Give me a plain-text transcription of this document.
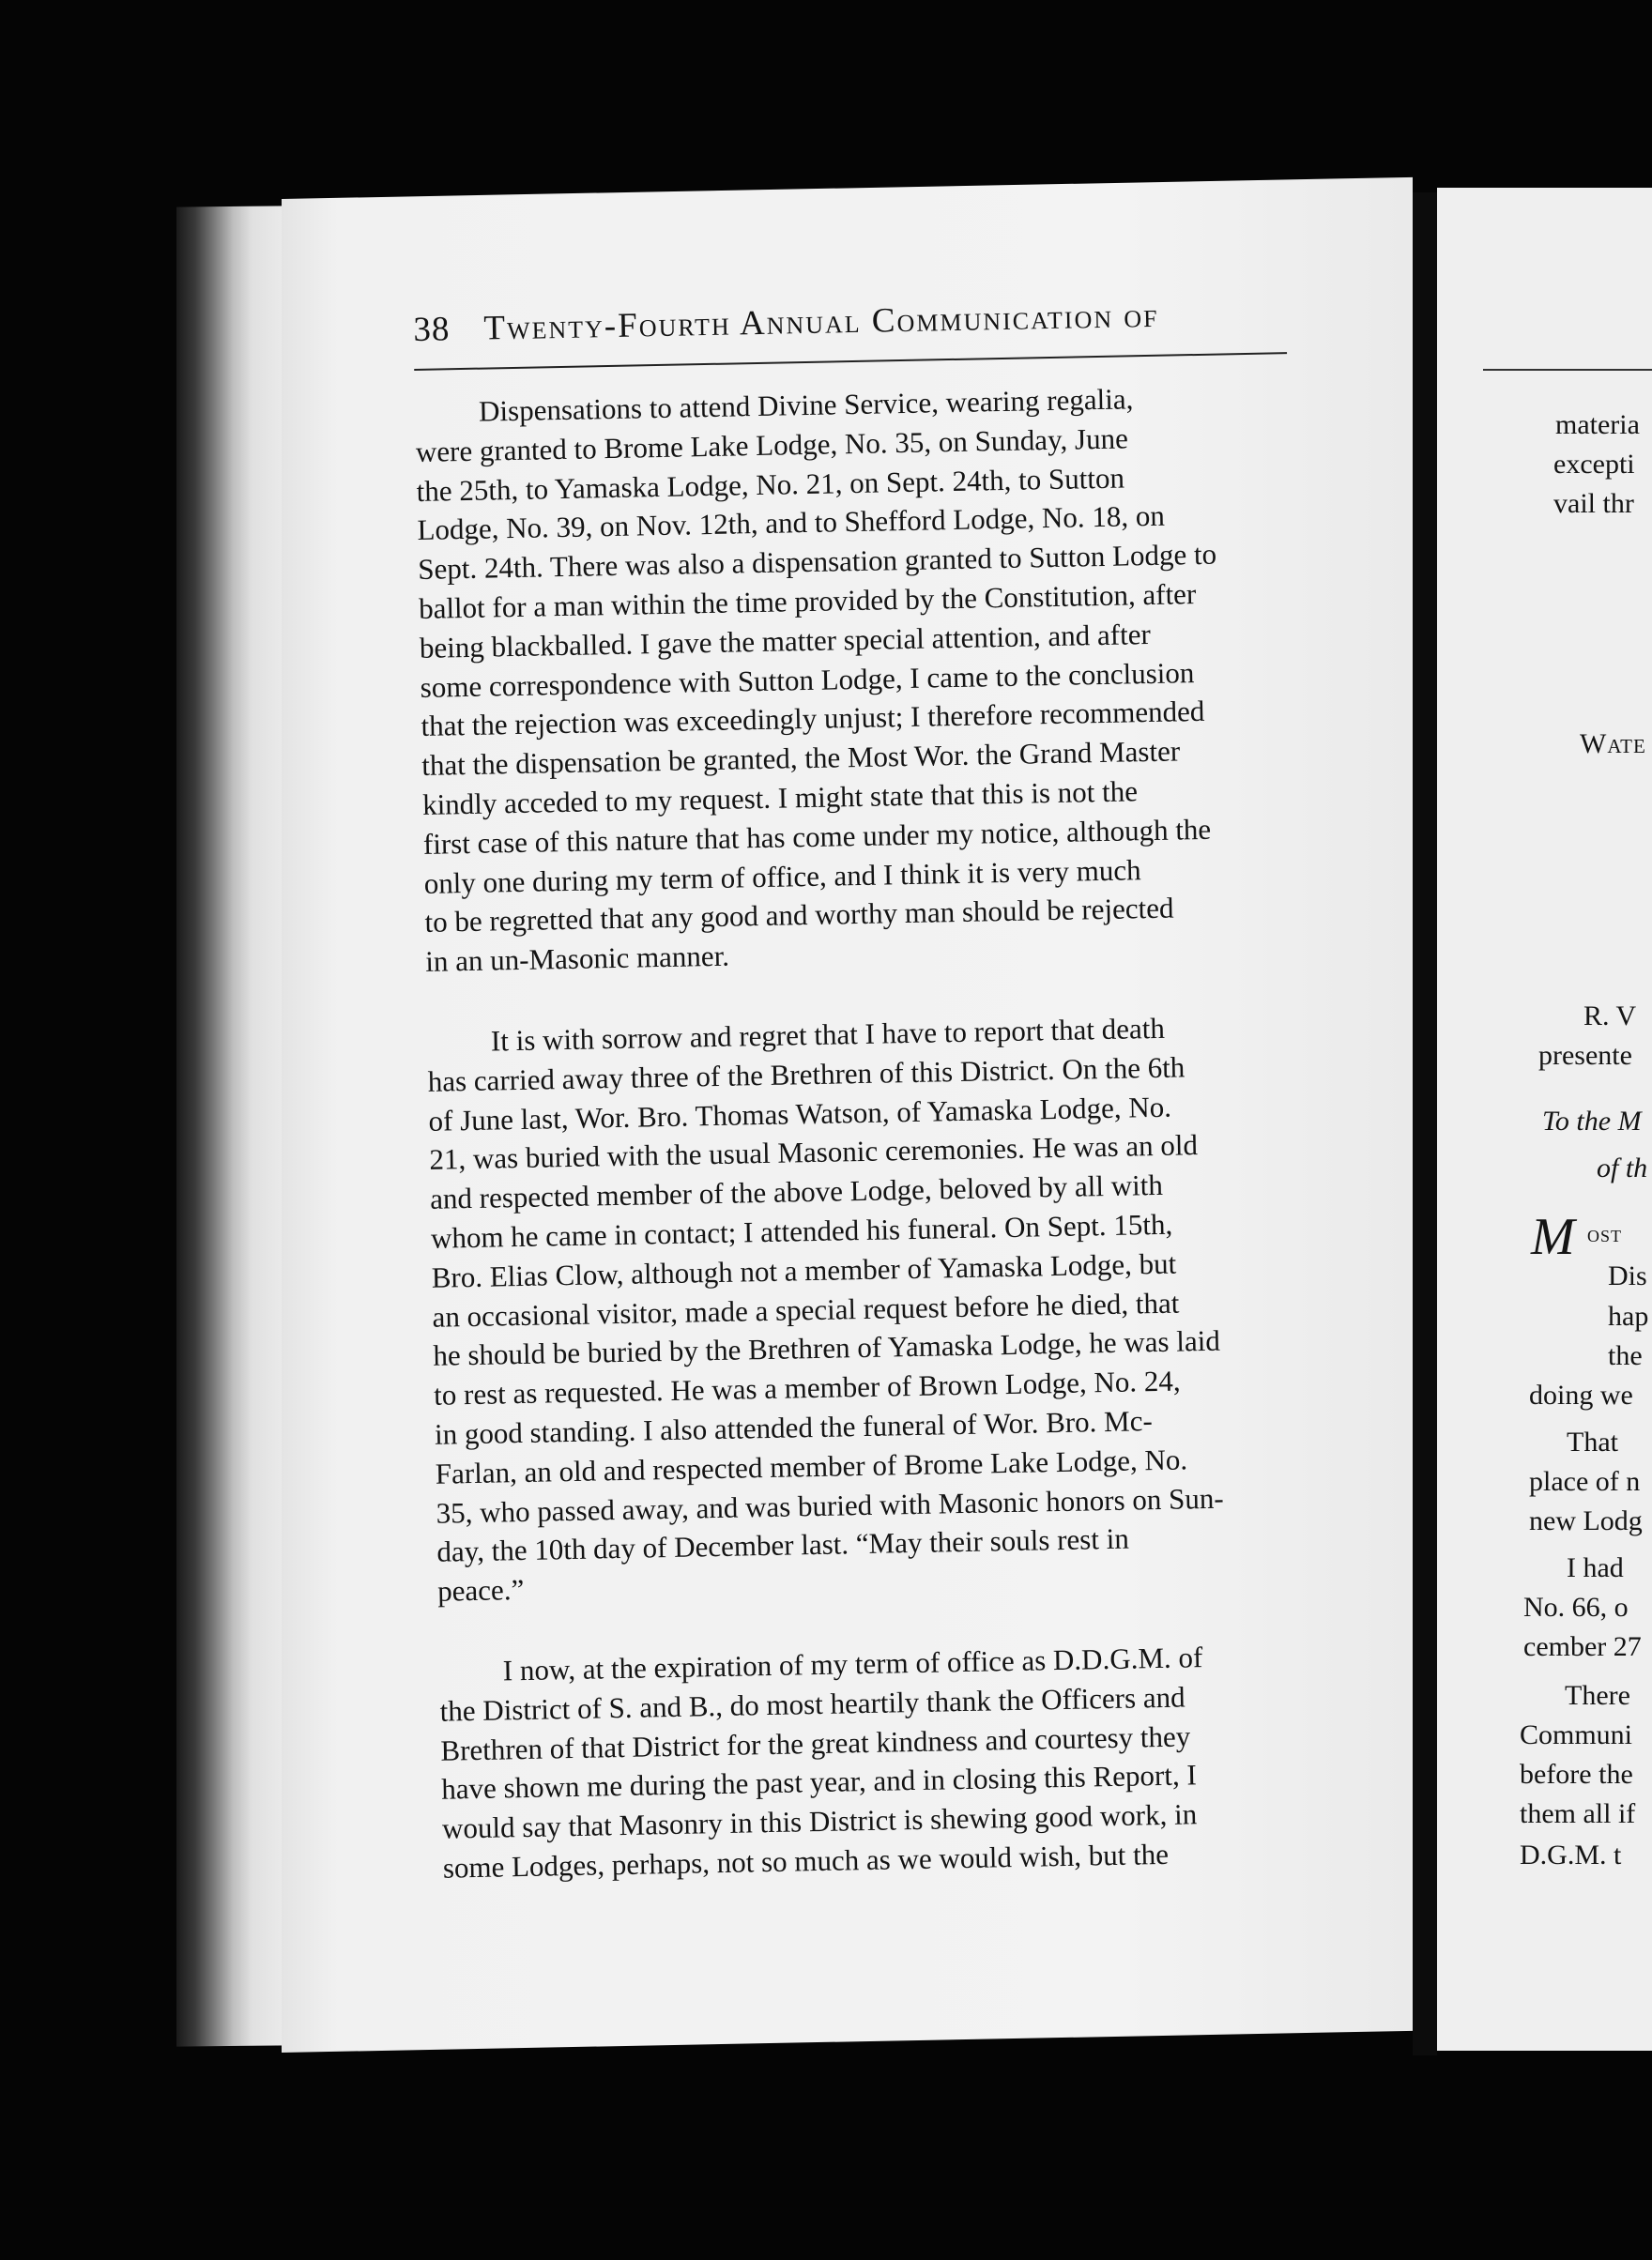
38 Twenty-Fourth Annual Communication of

Dispensations to attend Divine Service, wearing regalia,
were granted to Brome Lake Lodge, No. 35, on Sunday, June
the 25th, to Yamaska Lodge, No. 21, on Sept. 24th, to Sutton
Lodge, No. 39, on Nov. 12th, and to Shefford Lodge, No. 18, on
Sept. 24th. There was also a dispensation granted to Sutton Lodge to
ballot for a man within the time provided by the Constitution, after
being blackballed. I gave the matter special attention, and after
some correspondence with Sutton Lodge, I came to the conclusion
that the rejection was exceedingly unjust; I therefore recommended
that the dispensation be granted, the Most Wor. the Grand Master
kindly acceded to my request. I might state that this is not the
first case of this nature that has come under my notice, although the
only one during my term of office, and I think it is very much
to be regretted that any good and worthy man should be rejected
in an un-Masonic manner.

It is with sorrow and regret that I have to report that death
has carried away three of the Brethren of this District. On the 6th
of June last, Wor. Bro. Thomas Watson, of Yamaska Lodge, No.
21, was buried with the usual Masonic ceremonies. He was an old
and respected member of the above Lodge, beloved by all with
whom he came in contact; I attended his funeral. On Sept. 15th,
Bro. Elias Clow, although not a member of Yamaska Lodge, but
an occasional visitor, made a special request before he died, that
he should be buried by the Brethren of Yamaska Lodge, he was laid
to rest as requested. He was a member of Brown Lodge, No. 24,
in good standing. I also attended the funeral of Wor. Bro. Mc-
Farlan, an old and respected member of Brome Lake Lodge, No.
35, who passed away, and was buried with Masonic honors on Sun-
day, the 10th day of December last. “May their souls rest in
peace.”

I now, at the expiration of my term of office as D.D.G.M. of
the District of S. and B., do most heartily thank the Officers and
Brethren of that District for the great kindness and courtesy they
have shown me during the past year, and in closing this Report, I
would say that Masonry in this District is shewing good work, in
some Lodges, perhaps, not so much as we would wish, but the

materia
excepti
vail thr
Wate
R. V
presente
To the M
of th
M ost
Dis
hap
the
doing we
That
place of n
new Lodg
I had
No. 66, o
cember 27
There
Communi
before the
them all if
D.G.M. t
